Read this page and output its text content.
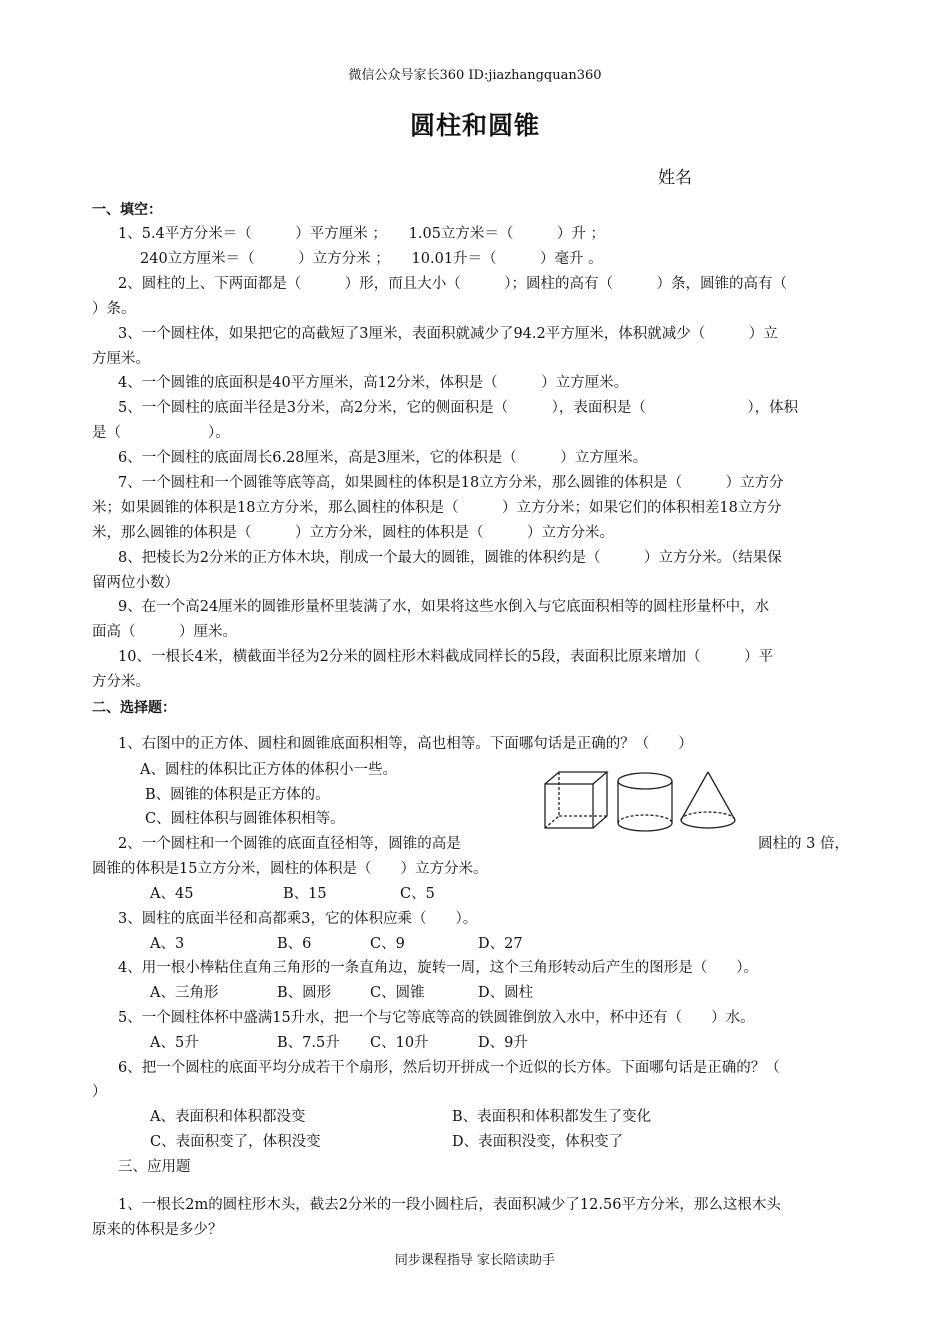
微信公众号家长360 ID:jiazhangquan360
圆柱和圆锥
姓名
一、填空：
1、5.4平方分米＝（　　　）平方厘米 ；　　1.05立方米＝（　　　）升 ；
240立方厘米＝（　　　）立方分米 ；　　10.01升＝（　　　）毫升 。
2、圆柱的上、下两面都是（　　　）形，而且大小（　　　）；圆柱的高有（　　　）条，圆锥的高有（
）条。
3、一个圆柱体，如果把它的高截短了3厘米，表面积就减少了94.2平方厘米，体积就减少（　　　）立
方厘米。
4、一个圆锥的底面积是40平方厘米，高12分米，体积是（　　　）立方厘米。
5、一个圆柱的底面半径是3分米，高2分米，它的侧面积是（　　　），表面积是（　　　　　　　），体积
是（　　　　　　）。
6、一个圆柱的底面周长6.28厘米，高是3厘米，它的体积是（　　　）立方厘米。
7、一个圆柱和一个圆锥等底等高，如果圆柱的体积是18立方分米，那么圆锥的体积是（　　　）立方分
米；如果圆锥的体积是18立方分米，那么圆柱的体积是（　　　）立方分米；如果它们的体积相差18立方分
米，那么圆锥的体积是（　　　）立方分米，圆柱的体积是（　　　）立方分米。
8、把棱长为2分米的正方体木块，削成一个最大的圆锥，圆锥的体积约是（　　　）立方分米。（结果保
留两位小数）
9、在一个高24厘米的圆锥形量杯里装满了水，如果将这些水倒入与它底面积相等的圆柱形量杯中，水
面高（　　　）厘米。
10、一根长4米，横截面半径为2分米的圆柱形木料截成同样长的5段，表面积比原来增加（　　　）平
方分米。
二、选择题：
1、右图中的正方体、圆柱和圆锥底面积相等，高也相等。下面哪句话是正确的？（　　）
A、圆柱的体积比正方体的体积小一些。
B、圆锥的体积是正方体的。
C、圆柱体积与圆锥体积相等。
2、一个圆柱和一个圆锥的底面直径相等，圆锥的高是	圆柱的 3 倍，
圆锥的体积是15立方分米，圆柱的体积是（　　）立方分米。
A、45	B、15	C、5
3、圆柱的底面半径和高都乘3，它的体积应乘（　　）。
A、3	B、6	C、9	D、27
4、用一根小棒粘住直角三角形的一条直角边，旋转一周，这个三角形转动后产生的图形是（　　）。
A、三角形	B、圆形	C、圆锥	D、圆柱
5、一个圆柱体杯中盛满15升水，把一个与它等底等高的铁圆锥倒放入水中，杯中还有（　　）水。
A、5升	B、7.5升 C、10升	D、9升
6、把一个圆柱的底面平均分成若干个扇形，然后切开拼成一个近似的长方体。下面哪句话是正确的？（
）
A、表面积和体积都没变	B、表面积和体积都发生了变化
C、表面积变了，体积没变	D、表面积没变，体积变了
三、应用题
1、一根长2m的圆柱形木头，截去2分米的一段小圆柱后，表面积减少了12.56平方分米，那么这根木头
原来的体积是多少？
同步课程指导 家长陪读助手
